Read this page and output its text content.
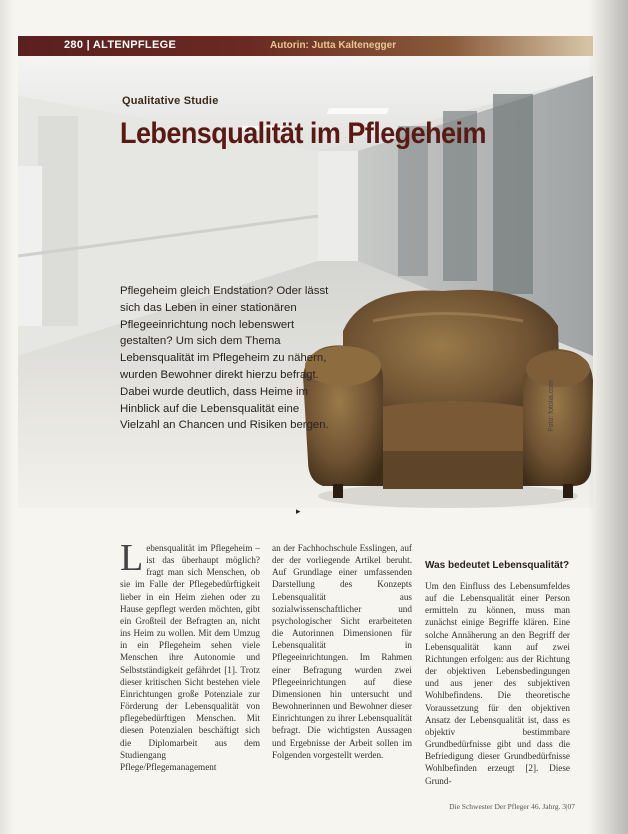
280 | ALTENPFLEGE	Autorin: Jutta Kaltenegger
Qualitative Studie
Lebensqualität im Pflegeheim
Pflegeheim gleich Endstation? Oder lässt sich das Leben in einer stationären Pflegeeinrichtung noch lebenswert gestalten? Um sich dem Thema Lebensqualität im Pflegeheim zu nähern, wurden Bewohner direkt hierzu befragt. Dabei wurde deutlich, dass Heime im Hinblick auf die Lebensqualität eine Vielzahl an Chancen und Risiken bergen.	Foto: fotolia.com
▸
Lebensqualität im Pflegeheim – ist das überhaupt möglich? fragt man sich Menschen, ob sie im Falle der Pflegebedürftigkeit lieber in ein Heim ziehen oder zu Hause gepflegt werden möchten, gibt ein Großteil der Befragten an, nicht ins Heim zu wollen. Mit dem Umzug in ein Pflegeheim sehen viele Menschen ihre Autonomie und Selbstständigkeit gefährdet [1]. Trotz dieser kritischen Sicht bestehen viele Einrichtungen große Potenziale zur Förderung der Lebensqualität von pflegebedürftigen Menschen. Mit diesen Potenzialen beschäftigt sich die Diplomarbeit aus dem Studiengang Pflege/Pflegemanagement
an der Fachhochschule Esslingen, auf der der vorliegende Artikel beruht. Auf Grundlage einer umfassenden Darstellung des Konzepts Lebensqualität aus sozialwissenschaftlicher und psychologischer Sicht erarbeiteten die Autorinnen Dimensionen für Lebensqualität in Pflegeeinrichtungen. Im Rahmen einer Befragung wurden zwei Pflegeeinrichtungen auf diese Dimensionen hin untersucht und Bewohnerinnen und Bewohner dieser Einrichtungen zu ihrer Lebensqualität befragt. Die wichtigsten Aussagen und Ergebnisse der Arbeit sollen im Folgenden vorgestellt werden.
Was bedeutet Lebensqualität?
Um den Einfluss des Lebensumfeldes auf die Lebensqualität einer Person ermitteln zu können, muss man zunächst einige Begriffe klären. Eine solche Annäherung an den Begriff der Lebensqualität kann auf zwei Richtungen erfolgen: aus der Richtung der objektiven Lebensbedingungen und aus jener des subjektiven Wohlbefindens. Die theoretische Voraussetzung für den objektiven Ansatz der Lebensqualität ist, dass es objektiv bestimmbare Grundbedürfnisse gibt und dass die Befriedigung dieser Grundbedürfnisse Wohlbefinden erzeugt [2]. Diese Grund-
Die Schwester Der Pfleger 46. Jahrg. 3|07
